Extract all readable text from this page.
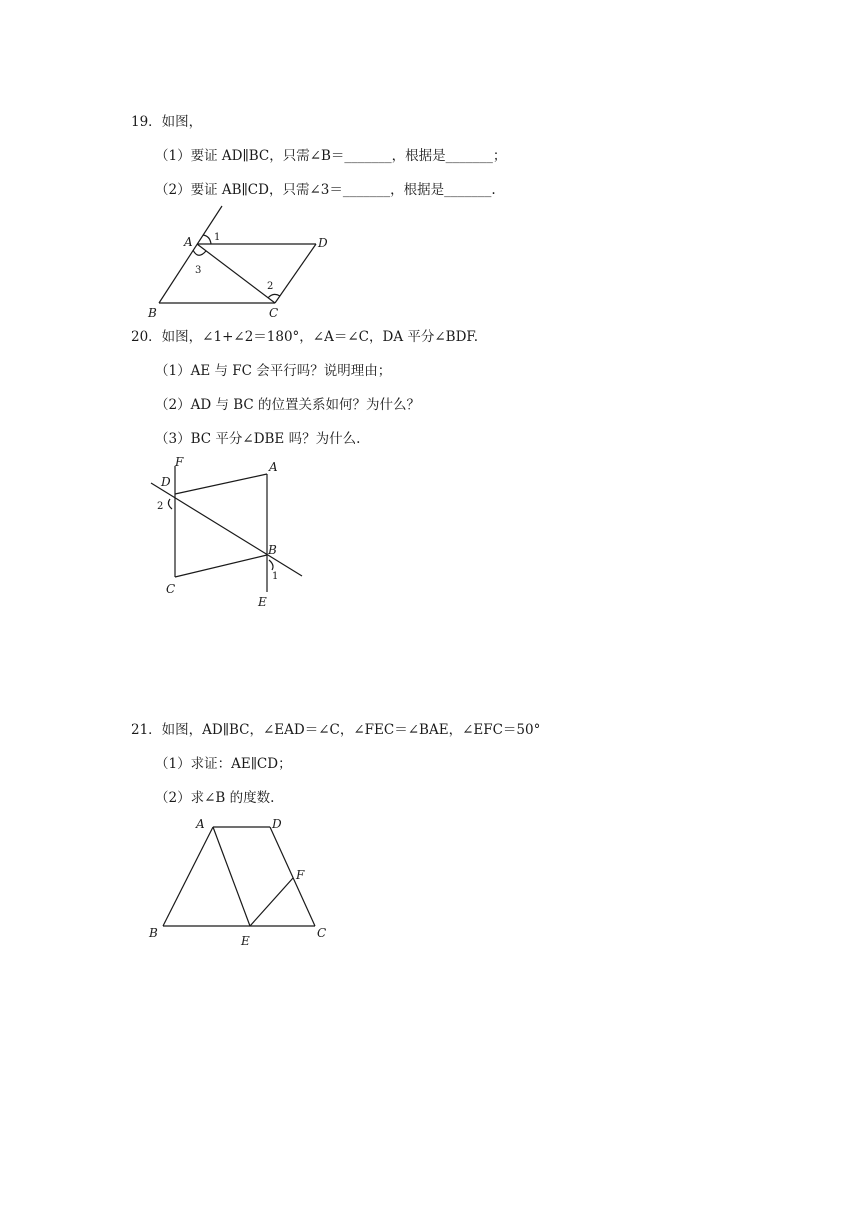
19．如图，
（1）要证 AD∥BC，只需∠B＝_______，根据是_______；
（2）要证 AB∥CD，只需∠3＝_______，根据是_______.
A	D
B	C
1
3
2
20．如图，∠1+∠2＝180°，∠A＝∠C，DA 平分∠BDF.
（1）AE 与 FC 会平行吗？说明理由；
（2）AD 与 BC 的位置关系如何？为什么？
（3）BC 平分∠DBE 吗？为什么.
F	A
D
2
B
1
C
E
21．如图，AD∥BC，∠EAD＝∠C，∠FEC＝∠BAE，∠EFC＝50°
（1）求证：AE∥CD；
（2）求∠B 的度数.
A	D
F
B
E
C
